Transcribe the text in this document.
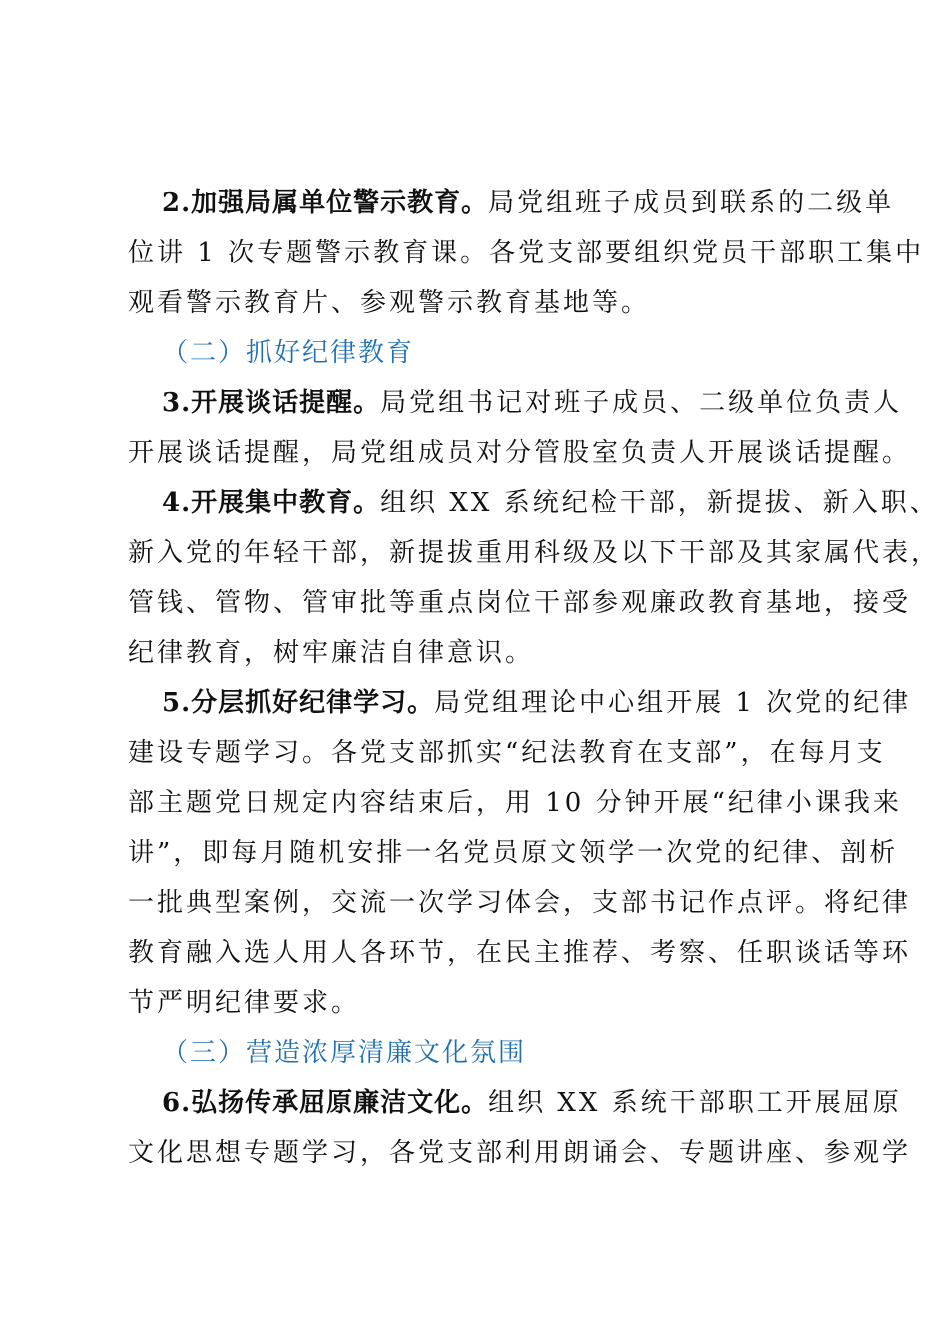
2.加强局属单位警示教育。局党组班子成员到联系的二级单
位讲 1 次专题警示教育课。各党支部要组织党员干部职工集中
观看警示教育片、参观警示教育基地等。
（二）抓好纪律教育
3.开展谈话提醒。局党组书记对班子成员、二级单位负责人
开展谈话提醒，局党组成员对分管股室负责人开展谈话提醒。
4.开展集中教育。组织 XX 系统纪检干部，新提拔、新入职、
新入党的年轻干部，新提拔重用科级及以下干部及其家属代表，
管钱、管物、管审批等重点岗位干部参观廉政教育基地，接受
纪律教育，树牢廉洁自律意识。
5.分层抓好纪律学习。局党组理论中心组开展 1 次党的纪律
建设专题学习。各党支部抓实“纪法教育在支部”，在每月支
部主题党日规定内容结束后，用 10 分钟开展“纪律小课我来
讲”，即每月随机安排一名党员原文领学一次党的纪律、剖析
一批典型案例，交流一次学习体会，支部书记作点评。将纪律
教育融入选人用人各环节，在民主推荐、考察、任职谈话等环
节严明纪律要求。
（三）营造浓厚清廉文化氛围
6.弘扬传承屈原廉洁文化。组织 XX 系统干部职工开展屈原
文化思想专题学习，各党支部利用朗诵会、专题讲座、参观学
